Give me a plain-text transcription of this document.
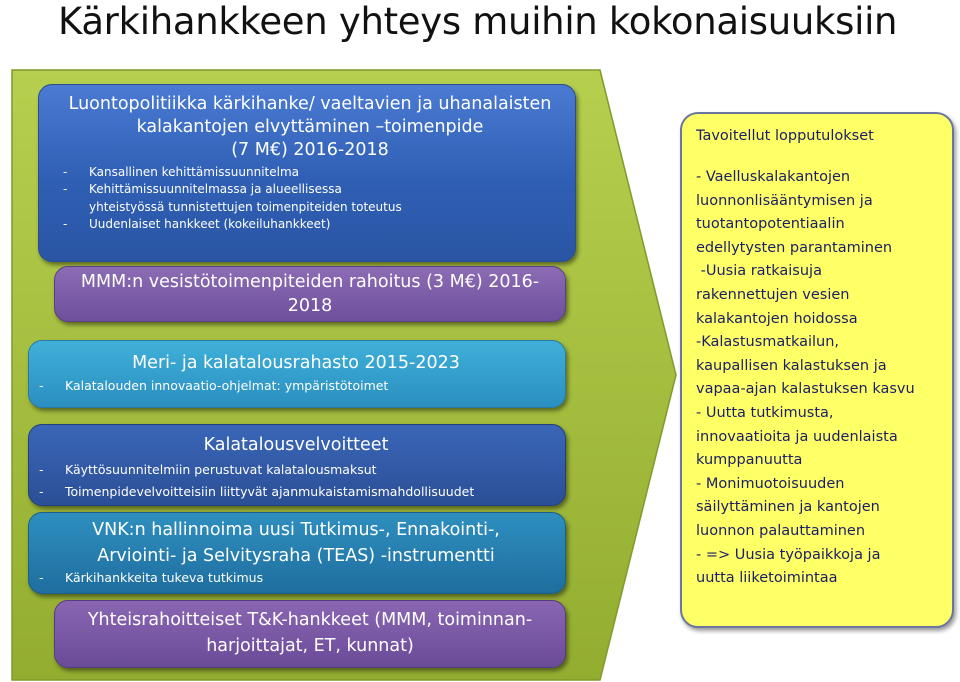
Kärkihankkeen yhteys muihin kokonaisuuksiin
Luontopolitiikka kärkihanke/ vaeltavien ja uhanalaisten
kalakantojen elvyttäminen –toimenpide
(7 M€) 2016-2018
- Kansallinen kehittämissuunnitelma
- Kehittämissuunnitelmassa ja alueellisessa yhteistyössä tunnistettujen toimenpiteiden toteutus
- Uudenlaiset hankkeet (kokeiluhankkeet)
MMM:n vesistötoimenpiteiden rahoitus (3 M€) 2016-
2018
Meri- ja kalatalousrahasto 2015-2023
- Kalatalouden innovaatio-ohjelmat: ympäristötoimet
Kalatalousvelvoitteet
- Käyttösuunnitelmiin perustuvat kalatalousmaksut
- Toimenpidevelvoitteisiin liittyvät ajanmukaistamismahdollisuudet
VNK:n hallinnoima uusi Tutkimus-, Ennakointi-,
Arviointi- ja Selvitysraha (TEAS) -instrumentti
- Kärkihankkeita tukeva tutkimus
Yhteisrahoitteiset T&K-hankkeet (MMM, toiminnan-
harjoittajat, ET, kunnat)
Tavoitellut lopputulokset
- Vaelluskalakantojen
luonnonlisääntymisen ja
tuotantopotentiaalin
edellytysten parantaminen
-Uusia ratkaisuja
rakennettujen vesien
kalakantojen hoidossa
-Kalastusmatkailun,
kaupallisen kalastuksen ja
vapaa-ajan kalastuksen kasvu
- Uutta tutkimusta,
innovaatioita ja uudenlaista
kumppanuutta
- Monimuotoisuuden
säilyttäminen ja kantojen
luonnon palauttaminen
- => Uusia työpaikkoja ja
uutta liiketoimintaa
